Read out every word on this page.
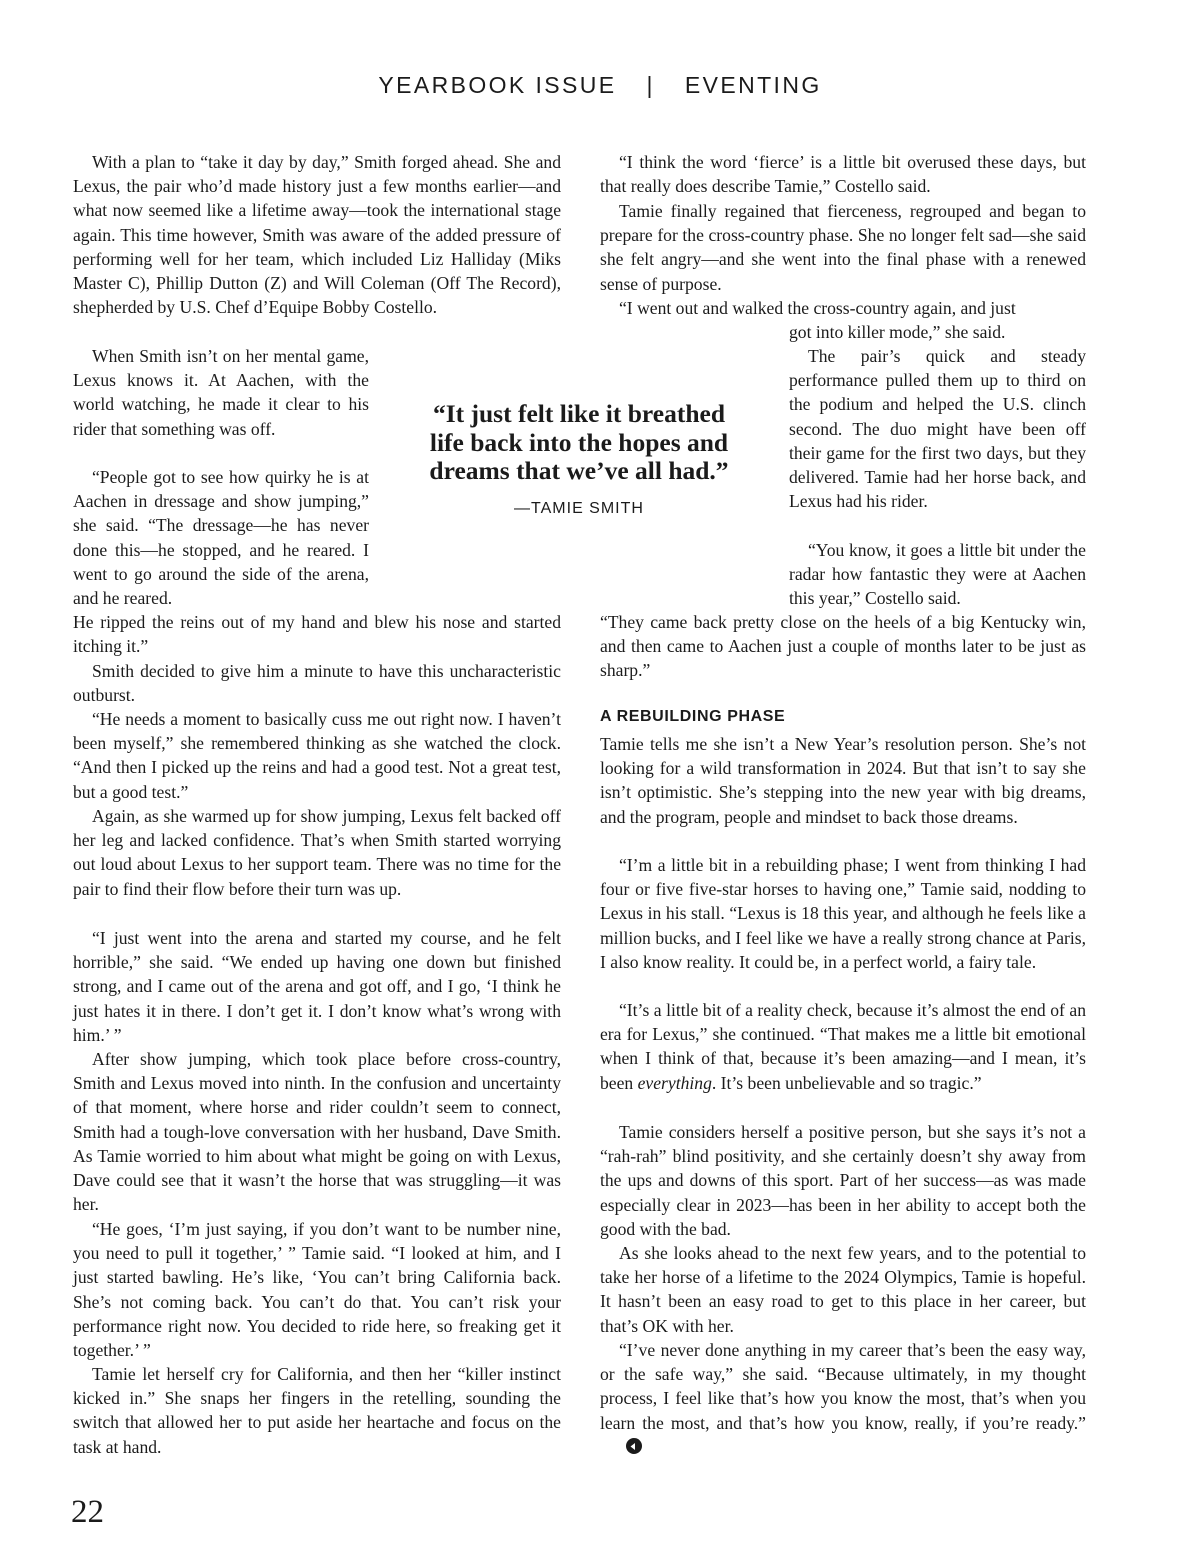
YEARBOOK ISSUE | EVENTING

With a plan to “take it day by day,” Smith forged ahead. She and Lexus, the pair who’d made history just a few months earlier—and what now seemed like a lifetime away—took the international stage again. This time however, Smith was aware of the added pressure of performing well for her team, which included Liz Halliday (Miks Master C), Phillip Dutton (Z) and Will Coleman (Off The Record), shepherded by U.S. Chef d’Equipe Bobby Costello.

When Smith isn’t on her mental game, Lexus knows it. At Aachen, with the world watching, he made it clear to his rider that something was off.

“People got to see how quirky he is at Aachen in dressage and show jumping,” she said. “The dressage—he has never done this—he stopped, and he reared. I went to go around the side of the arena, and he reared.

He ripped the reins out of my hand and blew his nose and started itching it.”

Smith decided to give him a minute to have this uncharacteristic outburst.

“He needs a moment to basically cuss me out right now. I haven’t been myself,” she remembered thinking as she watched the clock. “And then I picked up the reins and had a good test. Not a great test, but a good test.”

Again, as she warmed up for show jumping, Lexus felt backed off her leg and lacked confidence. That’s when Smith started worrying out loud about Lexus to her support team. There was no time for the pair to find their flow before their turn was up.

“I just went into the arena and started my course, and he felt horrible,” she said. “We ended up having one down but finished strong, and I came out of the arena and got off, and I go, ‘I think he just hates it in there. I don’t get it. I don’t know what’s wrong with him.’ ”

After show jumping, which took place before cross-country, Smith and Lexus moved into ninth. In the confusion and uncertainty of that moment, where horse and rider couldn’t seem to connect, Smith had a tough-love conversation with her husband, Dave Smith. As Tamie worried to him about what might be going on with Lexus, Dave could see that it wasn’t the horse that was struggling—it was her.

“He goes, ‘I’m just saying, if you don’t want to be number nine, you need to pull it together,’ ” Tamie said. “I looked at him, and I just started bawling. He’s like, ‘You can’t bring California back. She’s not coming back. You can’t do that. You can’t risk your performance right now. You decided to ride here, so freaking get it together.’ ”

Tamie let herself cry for California, and then her “killer instinct kicked in.” She snaps her fingers in the retelling, sounding the switch that allowed her to put aside her heartache and focus on the task at hand.

“It just felt like it breathed life back into the hopes and dreams that we’ve all had.”
—TAMIE SMITH

“I think the word ‘fierce’ is a little bit overused these days, but that really does describe Tamie,” Costello said.

Tamie finally regained that fierceness, regrouped and began to prepare for the cross-country phase. She no longer felt sad—she said she felt angry—and she went into the final phase with a renewed sense of purpose.

“I went out and walked the cross-country again, and just

got into killer mode,” she said.

The pair’s quick and steady performance pulled them up to third on the podium and helped the U.S. clinch second. The duo might have been off their game for the first two days, but they delivered. Tamie had her horse back, and Lexus had his rider.

“You know, it goes a little bit under the radar how fantastic they were at Aachen this year,” Costello said.

“They came back pretty close on the heels of a big Kentucky win, and then came to Aachen just a couple of months later to be just as sharp.”

A REBUILDING PHASE

Tamie tells me she isn’t a New Year’s resolution person. She’s not looking for a wild transformation in 2024. But that isn’t to say she isn’t optimistic. She’s stepping into the new year with big dreams, and the program, people and mindset to back those dreams.

“I’m a little bit in a rebuilding phase; I went from thinking I had four or five five-star horses to having one,” Tamie said, nodding to Lexus in his stall. “Lexus is 18 this year, and although he feels like a million bucks, and I feel like we have a really strong chance at Paris, I also know reality. It could be, in a perfect world, a fairy tale.

“It’s a little bit of a reality check, because it’s almost the end of an era for Lexus,” she continued. “That makes me a little bit emotional when I think of that, because it’s been amazing—and I mean, it’s been everything. It’s been unbelievable and so tragic.”

Tamie considers herself a positive person, but she says it’s not a “rah-rah” blind positivity, and she certainly doesn’t shy away from the ups and downs of this sport. Part of her success—as was made especially clear in 2023—has been in her ability to accept both the good with the bad.

As she looks ahead to the next few years, and to the potential to take her horse of a lifetime to the 2024 Olympics, Tamie is hopeful. It hasn’t been an easy road to get to this place in her career, but that’s OK with her.

“I’ve never done anything in my career that’s been the easy way, or the safe way,” she said. “Because ultimately, in my thought process, I feel like that’s how you know the most, that’s when you learn the most, and that’s how you know, really, if you’re ready.”

22
